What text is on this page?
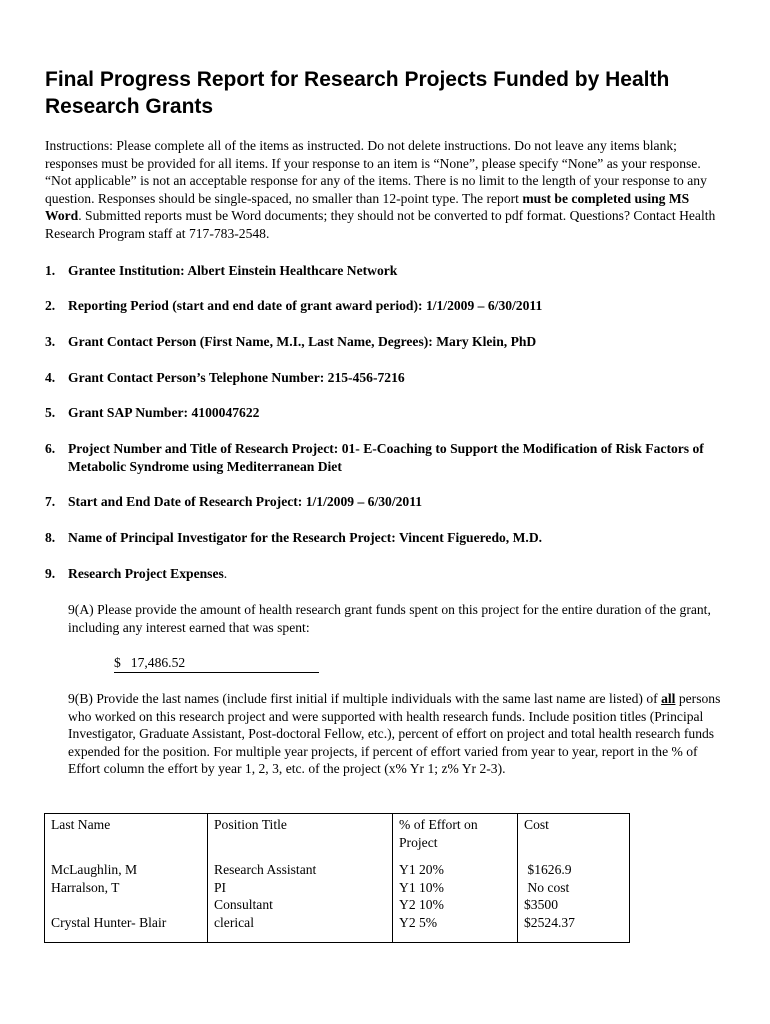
Final Progress Report for Research Projects Funded by Health Research Grants

Instructions: Please complete all of the items as instructed. Do not delete instructions. Do not leave any items blank; responses must be provided for all items. If your response to an item is “None”, please specify “None” as your response. “Not applicable” is not an acceptable response for any of the items. There is no limit to the length of your response to any question. Responses should be single-spaced, no smaller than 12-point type. The report must be completed using MS Word. Submitted reports must be Word documents; they should not be converted to pdf format. Questions? Contact Health Research Program staff at 717-783-2548.

1. Grantee Institution: Albert Einstein Healthcare Network
2. Reporting Period (start and end date of grant award period): 1/1/2009 – 6/30/2011
3. Grant Contact Person (First Name, M.I., Last Name, Degrees): Mary Klein, PhD
4. Grant Contact Person’s Telephone Number: 215-456-7216
5. Grant SAP Number: 4100047622
6. Project Number and Title of Research Project: 01- E-Coaching to Support the Modification of Risk Factors of Metabolic Syndrome using Mediterranean Diet
7. Start and End Date of Research Project: 1/1/2009 – 6/30/2011
8. Name of Principal Investigator for the Research Project: Vincent Figueredo, M.D.
9. Research Project Expenses.

9(A) Please provide the amount of health research grant funds spent on this project for the entire duration of the grant, including any interest earned that was spent:

$ 17,486.52

9(B) Provide the last names (include first initial if multiple individuals with the same last name are listed) of all persons who worked on this research project and were supported with health research funds. Include position titles (Principal Investigator, Graduate Assistant, Post-doctoral Fellow, etc.), percent of effort on project and total health research funds expended for the position. For multiple year projects, if percent of effort varied from year to year, report in the % of Effort column the effort by year 1, 2, 3, etc. of the project (x% Yr 1; z% Yr 2-3).

Last Name	Position Title	% of Effort on Project	Cost
McLaughlin, M	Research Assistant	Y1 20%	$1626.9
Harralson, T	PI	Y1 10%	No cost
	Consultant	Y2 10%	$3500
Crystal Hunter- Blair	clerical	Y2 5%	$2524.37
